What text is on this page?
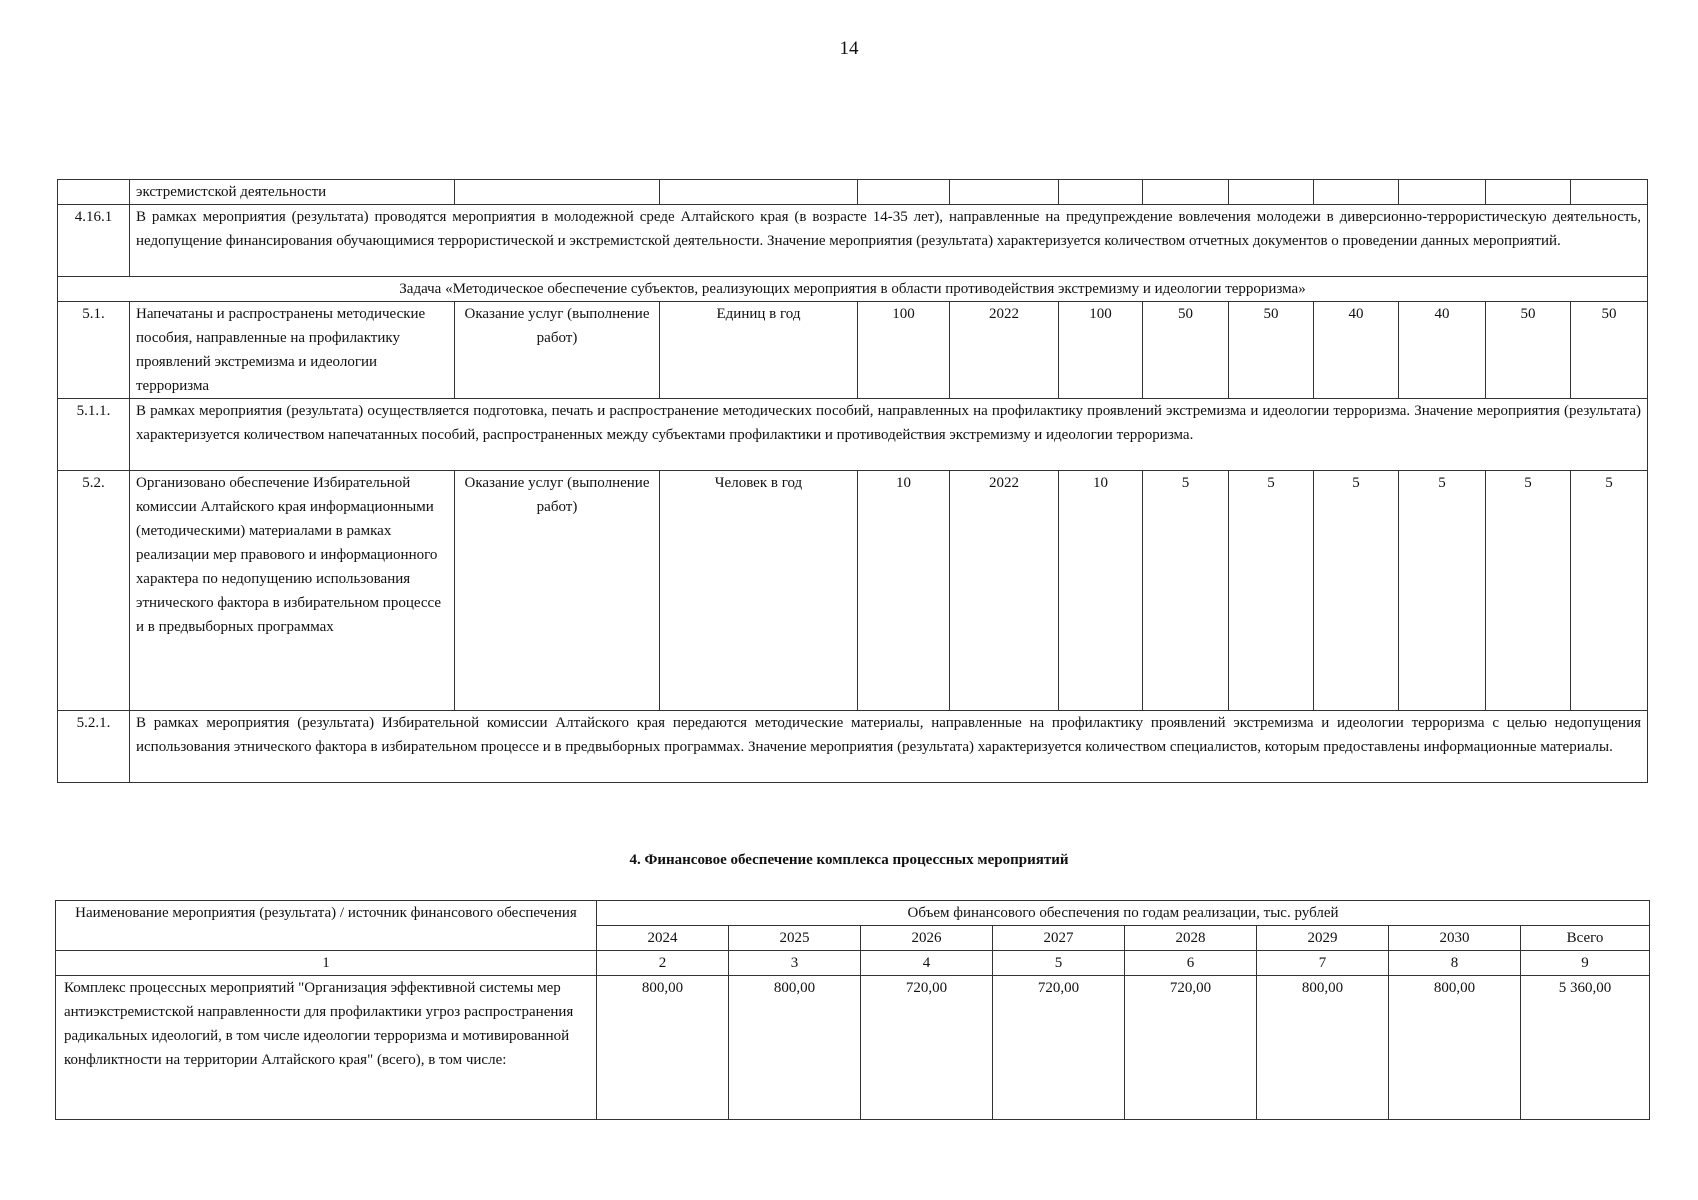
14
	экстремистской деятельности											
4.16.1	В рамках мероприятия (результата) проводятся мероприятия в молодежной среде Алтайского края (в возрасте 14-35 лет), направленные на предупреждение вовлечения молодежи в диверсионно-террористическую деятельность, недопущение финансирования обучающимися террористической и экстремистской деятельности. Значение мероприятия (результата) характеризуется количеством отчетных документов о проведении данных мероприятий.											
Задача «Методическое обеспечение субъектов, реализующих мероприятия в области противодействия экстремизму и идеологии терроризма»												
5.1.	Напечатаны и распространены методические пособия, направленные на профилактику проявлений экстремизма и идеологии терроризма	Оказание услуг (выполнение работ)	Единиц в год	100	2022	100	50	50	40	40	50	50
5.1.1.	В рамках мероприятия (результата) осуществляется подготовка, печать и распространение методических пособий, направленных на профилактику проявлений экстремизма и идеологии терроризма. Значение мероприятия (результата) характеризуется количеством напечатанных пособий, распространенных между субъектами профилактики и противодействия экстремизму и идеологии терроризма.											
5.2.	Организовано обеспечение Избирательной комиссии Алтайского края информационными (методическими) материалами в рамках реализации мер правового и информационного характера по недопущению использования этнического фактора в избирательном процессе и в предвыборных программах	Оказание услуг (выполнение работ)	Человек в год	10	2022	10	5	5	5	5	5	5
5.2.1.	В рамках мероприятия (результата) Избирательной комиссии Алтайского края передаются методические материалы, направленные на профилактику проявлений экстремизма и идеологии терроризма с целью недопущения использования этнического фактора в избирательном процессе и в предвыборных программах. Значение мероприятия (результата) характеризуется количеством специалистов, которым предоставлены информационные материалы.											
4. Финансовое обеспечение комплекса процессных мероприятий
Наименование мероприятия (результата) / источник финансового обеспечения	Объем финансового обеспечения по годам реализации, тыс. рублей							
	2024	2025	2026	2027	2028	2029	2030	Всего
1	2	3	4	5	6	7	8	9
Комплекс процессных мероприятий "Организация эффективной системы мер антиэкстремистской направленности для профилактики угроз распространения радикальных идеологий, в том числе идеологии терроризма и мотивированной конфликтности на территории Алтайского края" (всего), в том числе:	800,00	800,00	720,00	720,00	720,00	800,00	800,00	5 360,00
